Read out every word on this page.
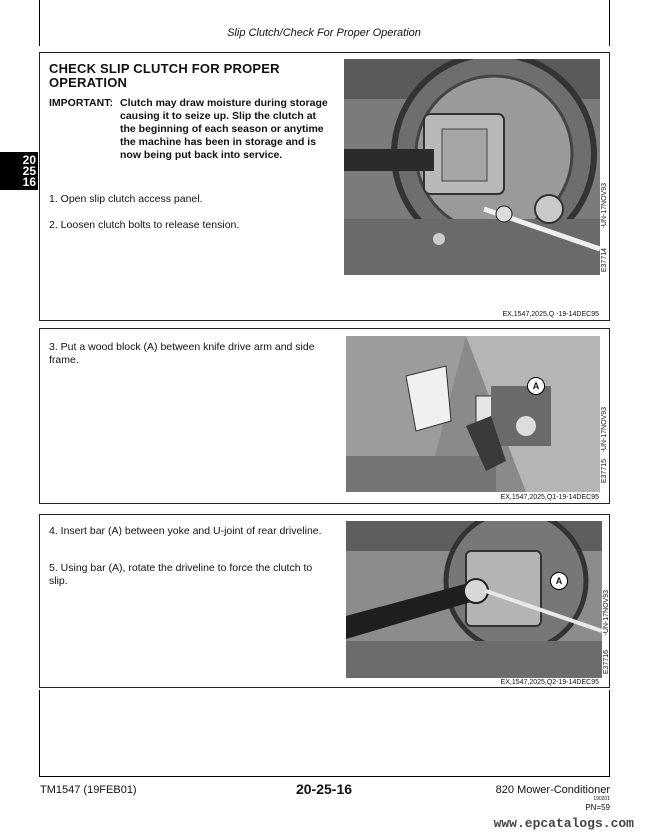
Slip Clutch/Check For Proper Operation
20
25
16
CHECK SLIP CLUTCH FOR PROPER OPERATION
IMPORTANT: Clutch may draw moisture during storage causing it to seize up. Slip the clutch at the beginning of each season or anytime the machine has been in storage and is now being put back into service.
1. Open slip clutch access panel.
2. Loosen clutch bolts to release tension.	-UN-17NOV93
E37714
EX,1547,2025,Q -19-14DEC95
3. Put a wood block (A) between knife drive arm and side frame.
A
-UN-17NOV93
E37715
EX,1547,2025,Q1-19-14DEC95
4. Insert bar (A) between yoke and U-joint of rear driveline.
5. Using bar (A), rotate the driveline to force the clutch to slip.	A
-UN-17NOV93
E37716
EX,1547,2025,Q2-19-14DEC95
TM1547 (19FEB01)	20-25-16	820 Mower-Conditioner
190201
PN=59
www.epcatalogs.com
